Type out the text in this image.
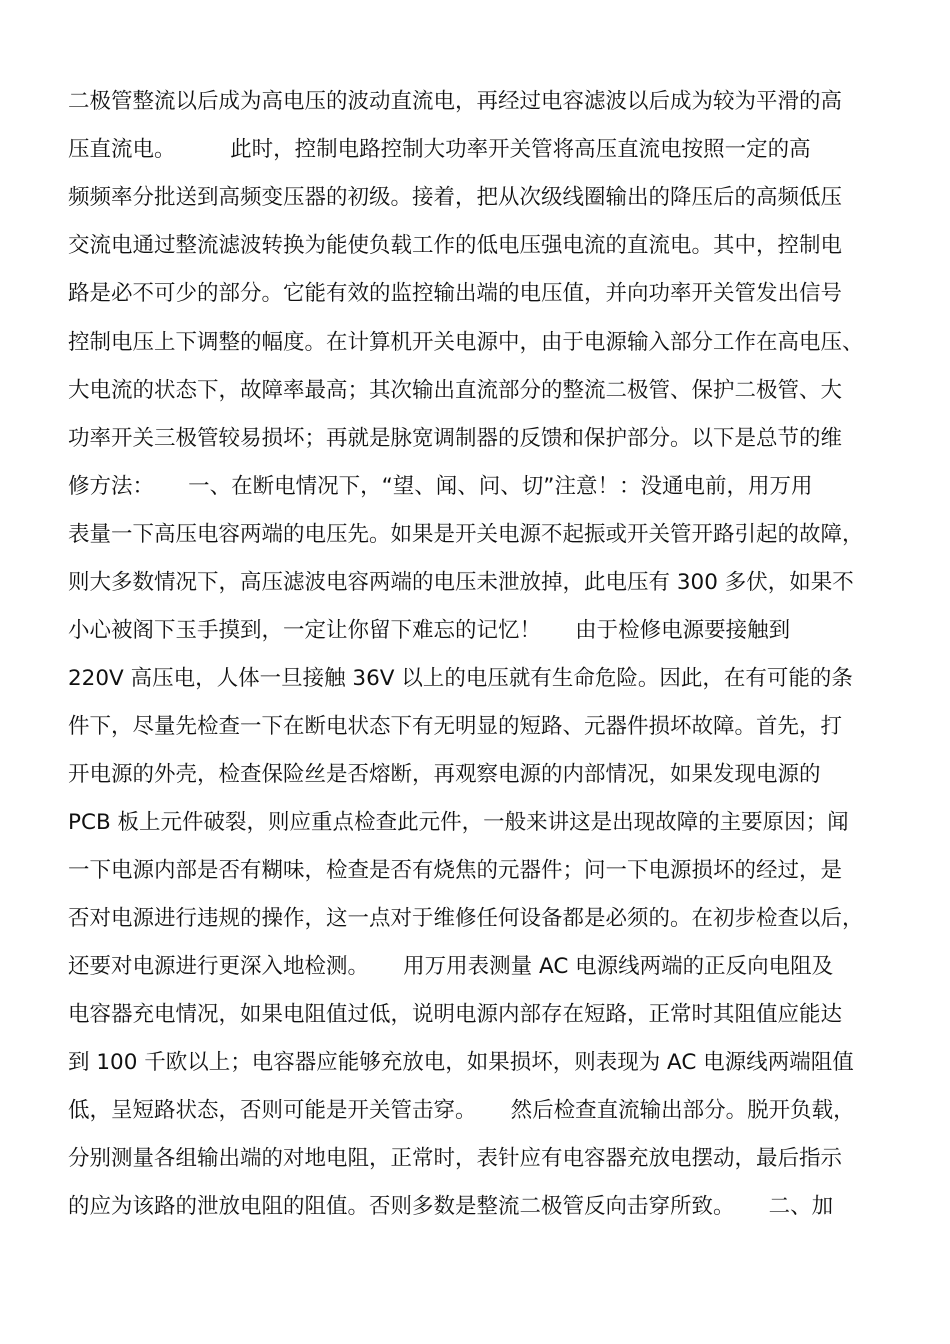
二极管整流以后成为高电压的波动直流电，再经过电容滤波以后成为较为平滑的高

压直流电。        此时，控制电路控制大功率开关管将高压直流电按照一定的高

频频率分批送到高频变压器的初级。接着，把从次级线圈输出的降压后的高频低压

交流电通过整流滤波转换为能使负载工作的低电压强电流的直流电。其中，控制电

路是必不可少的部分。它能有效的监控输出端的电压值，并向功率开关管发出信号

控制电压上下调整的幅度。在计算机开关电源中，由于电源输入部分工作在高电压、

大电流的状态下，故障率最高；其次输出直流部分的整流二极管、保护二极管、大

功率开关三极管较易损坏；再就是脉宽调制器的反馈和保护部分。以下是总节的维

修方法：     一、在断电情况下，“望、闻、问、切”注意！：没通电前，用万用

表量一下高压电容两端的电压先。如果是开关电源不起振或开关管开路引起的故障，

则大多数情况下，高压滤波电容两端的电压未泄放掉，此电压有 300 多伏，如果不

小心被阁下玉手摸到，一定让你留下难忘的记忆！     由于检修电源要接触到

220V 高压电，人体一旦接触 36V 以上的电压就有生命危险。因此，在有可能的条

件下，尽量先检查一下在断电状态下有无明显的短路、元器件损坏故障。首先，打

开电源的外壳，检查保险丝是否熔断，再观察电源的内部情况，如果发现电源的

PCB 板上元件破裂，则应重点检查此元件，一般来讲这是出现故障的主要原因；闻

一下电源内部是否有糊味，检查是否有烧焦的元器件；问一下电源损坏的经过，是

否对电源进行违规的操作，这一点对于维修任何设备都是必须的。在初步检查以后，

还要对电源进行更深入地检测。     用万用表测量 AC 电源线两端的正反向电阻及

电容器充电情况，如果电阻值过低，说明电源内部存在短路，正常时其阻值应能达

到 100 千欧以上；电容器应能够充放电，如果损坏，则表现为 AC 电源线两端阻值

低，呈短路状态，否则可能是开关管击穿。     然后检查直流输出部分。脱开负载，

分别测量各组输出端的对地电阻，正常时，表针应有电容器充放电摆动，最后指示

的应为该路的泄放电阻的阻值。否则多数是整流二极管反向击穿所致。     二、加
